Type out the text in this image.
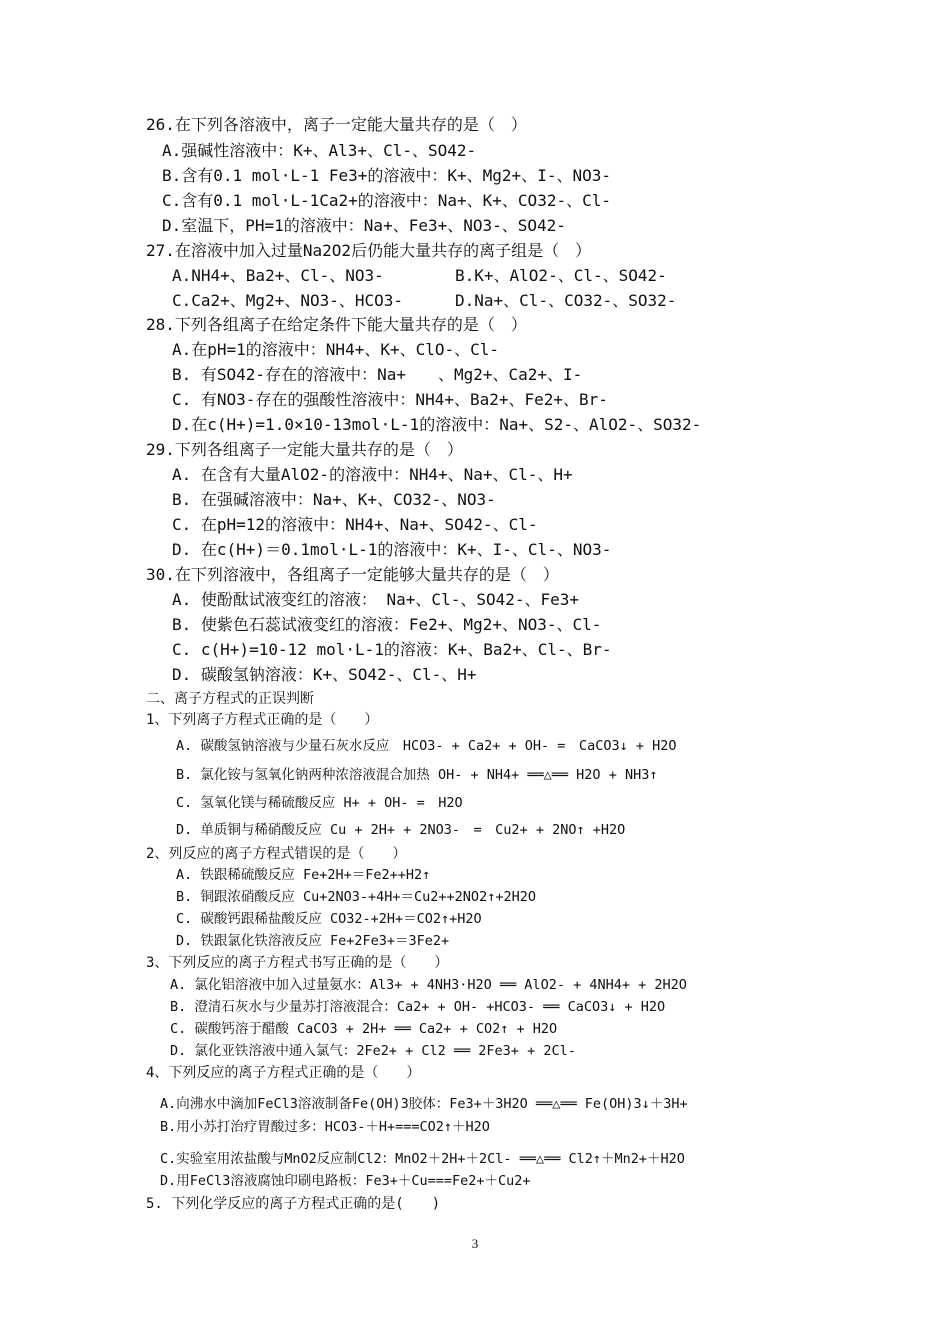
26.在下列各溶液中，离子一定能大量共存的是（　）
A.强碱性溶液中：K+、Al3+、Cl-、SO42-
B.含有0.1 mol·L-1 Fe3+的溶液中：K+、Mg2+、I-、NO3-
C.含有0.1 mol·L-1Ca2+的溶液中：Na+、K+、CO32-、Cl-
D.室温下，PH=1的溶液中：Na+、Fe3+、NO3-、SO42-
27.在溶液中加入过量Na2O2后仍能大量共存的离子组是（　）
A.NH4+、Ba2+、Cl-、NO3-	B.K+、AlO2-、Cl-、SO42-
C.Ca2+、Mg2+、NO3-、HCO3-	D.Na+、Cl-、CO32-、SO32-
28.下列各组离子在给定条件下能大量共存的是（　）
A.在pH=1的溶液中：NH4+、K+、ClO-、Cl-
B. 有SO42-存在的溶液中：Na+　　、Mg2+、Ca2+、I-
C. 有NO3-存在的强酸性溶液中：NH4+、Ba2+、Fe2+、Br-
D.在c(H+)=1.0×10-13mol·L-1的溶液中：Na+、S2-、AlO2-、SO32-
29.下列各组离子一定能大量共存的是（　）
A. 在含有大量AlO2-的溶液中：NH4+、Na+、Cl-、H+
B. 在强碱溶液中：Na+、K+、CO32-、NO3-
C. 在pH=12的溶液中：NH4+、Na+、SO42-、Cl-
D. 在c(H+)＝0.1mol·L-1的溶液中：K+、I-、Cl-、NO3-
30.在下列溶液中，各组离子一定能够大量共存的是（　）
A. 使酚酞试液变红的溶液： Na+、Cl-、SO42-、Fe3+
B. 使紫色石蕊试液变红的溶液：Fe2+、Mg2+、NO3-、Cl-
C. c(H+)=10-12 mol·L-1的溶液：K+、Ba2+、Cl-、Br-
D. 碳酸氢钠溶液：K+、SO42-、Cl-、H+
二、离子方程式的正误判断
1、下列离子方程式正确的是（　　）
A. 碳酸氢钠溶液与少量石灰水反应　HCO3- + Ca2+ + OH- =　CaCO3↓ + H2O
B. 氯化铵与氢氧化钠两种浓溶液混合加热 OH- + NH4+ ══△══ H2O + NH3↑
C. 氢氧化镁与稀硫酸反应 H+ + OH- =　H2O
D. 单质铜与稀硝酸反应 Cu + 2H+ + 2NO3-　=　Cu2+ + 2NO↑ +H2O
2、列反应的离子方程式错误的是（　　）
A. 铁跟稀硫酸反应 Fe+2H+＝Fe2++H2↑
B. 铜跟浓硝酸反应 Cu+2NO3-+4H+＝Cu2++2NO2↑+2H2O
C. 碳酸钙跟稀盐酸反应 CO32-+2H+＝CO2↑+H2O
D. 铁跟氯化铁溶液反应 Fe+2Fe3+＝3Fe2+
3、下列反应的离子方程式书写正确的是（　　）
A. 氯化铝溶液中加入过量氨水：Al3+ + 4NH3·H2O ══ AlO2- + 4NH4+ + 2H2O
B. 澄清石灰水与少量苏打溶液混合：Ca2+ + OH- +HCO3- ══ CaCO3↓ + H2O
C. 碳酸钙溶于醋酸 CaCO3 + 2H+ ══ Ca2+ + CO2↑ + H2O
D. 氯化亚铁溶液中通入氯气：2Fe2+ + Cl2 ══ 2Fe3+ + 2Cl-
4、下列反应的离子方程式正确的是（　　）
A.向沸水中滴加FeCl3溶液制备Fe(OH)3胶体：Fe3+＋3H2O ══△══ Fe(OH)3↓＋3H+
B.用小苏打治疗胃酸过多：HCO3-＋H+===CO2↑＋H2O
C.实验室用浓盐酸与MnO2反应制Cl2：MnO2＋2H+＋2Cl- ══△══ Cl2↑＋Mn2+＋H2O
D.用FeCl3溶液腐蚀印刷电路板：Fe3+＋Cu===Fe2+＋Cu2+
5. 下列化学反应的离子方程式正确的是(　　)
3
